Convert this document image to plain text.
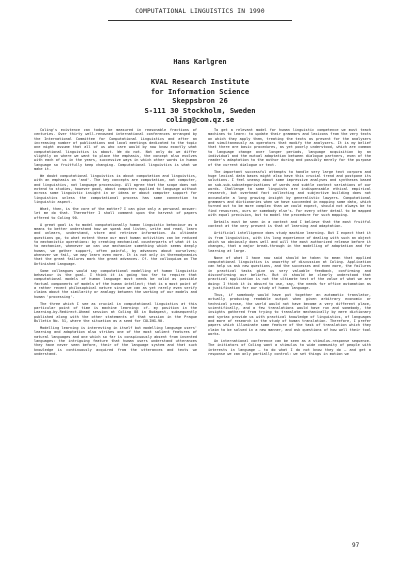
COMPUTATIONAL LINGUISTICS IN 1990
Hans Karlgren
KVAL Research Institute
for Information Science
Skeppsbron 26
S-111 30 Stockholm, Sweden
coling@com.qz.se

Coling's existence can today be measured in reasonable fractions of centuries. Over thirty well-renowned international conferences arranged by the International Committee for Computational Linguistics and after an increasing number of publications and local meetings dedicated to the topic one might assume that all of us who care would by now know exactly what computational linguistics is about. We do not. Not only do we differ slightly on where we want to place the emphasis, the concept also evolves with each of us in the years, successive ways in which other words in human language so fruitfully keep changing. Computational linguistics is what we make it.

We doubt computational linguistics is about computation and linguistics, with an emphasis on 'and'. The key concepts are computation, not computer, and linguistics, not language processing. All agree that the scope does not extend to studies, however good, about computers applied to language without across some linguistic insight in or ideas or about computer support for linguistics unless the computational process has some connection to linguistic aspect.

What, then, is the core of the matter? I can give only a personal answer: let me do that. Thereafter I shall comment upon the harvest of papers offered to Coling 90.

A great goal is to model computationally human linguistic behaviour as a means to better understand how we speak and listen, write and read, learn and unlearn, understand, store and retrieve information. As ultimate questions go, to what extent these our most human activities can be reduced to mechanistic operations: by creating mechanical counterparts of what it is to mechanize, whenever we can use mechanize something which seems deeply human, we gather support, often painful, by advances about ourselves; whenever we fail, we may learn even more. It is not only in thermodynamics that the great failures mark the great advances. Cf. the colloquium on The Unfinished Language.

Some colleagues would say computational modelling of human linguistic behaviour is the goal. I think it is going too far to require that computational models of human language must needs be valid as possible factual components of models of the human intellect; that is a most point of a rather recent philosophical nature since we can as yet rarely even verify claims about the similarity or analogy between the working of our models and human 'processing'.

The three which I see as crucial in computational linguistics at this particular point of time is machine learning: cf. my position in the Learning-by-Redirect-Ahead session at Coling 88 in Budapest, subsequently published along with the other statements of that session in the Prague Bulletin No. 51, where the situation as a seed for COLING-90.

Modelling learning is interesting in itself but modelling language users' learning and adaptation also strikes one of the most salient features of natural languages and one which so far is conspicuously absent from invented languages: the intriguing feature that human users understand utterances they have never seen before, their of the language system and that such knowledge is continuously acquired from the utterances and texts we understand.

To get a relevant model for human linguistic competence we must teach machines to learn: to update their grammars and lexicons from the very texts on which they apply them, treating the texts as present for the analysers and simultaneously as operators that modify the analysers. It is my belief that there are basic procedures, as yet poorly understood, which are common to language change over longer periods, language acquisition by an individual and the mutual adaptation between dialogue partners, even of the reader's adaptation to the author during and possibly merely for the purpose of the current dialogue or text.

The important successful attempts to handle very large text corpora and huge lexical data bases might also have this crucial trend and postpone its solutions. I feel uneasy about some impressive analyses and syntheses based on sub-sub-subcategorisations of words and subtle context variations of our words. Challenge to some linguists are indispensable ethical empirical research, but overhead fact collecting and subjective building does not accumulate a long growing insight by generalistic lawyers. Computational grammars and dictionaries when we have succeeded in mapping some data, which turned out to be more complex than we could expect, should not always be to find resources, ours or somebody else's. For every other detail to be mapped with equal precision, but to model the procedure for such mapping.

Details must be seen in a context and I believe that the most fruitful context at the very present is that of learning and adaptation.

Artificial intelligence does study machine learning. But I expect that it is from linguistics, with its long experience of dealing with such an object which so obviously does well and will the most authorized release before it changes, that a major break-through in the modelling of adaptation and for learning at large.

None of what I have now said should be taken to mean that applied computational linguistics is unworthy of discussion at Coling. Application can help us ask new questions, and the successes and even more, the failures in practical tasks give us very valuable feedback, confirming and disconfirming our beliefs. But it should be clearly understood that practical application is not the ultimate test of the value of what we are doing: I think it is absurd to use, say, the needs for office automation as a justification for our study of human language.

Thus, if somebody would have put together an automatic translator, actually producing readable output when given arbitrary economic or technical prose, the world would not have become a very different place, scientifically, and a few translations would have run and somebody, the insights gathered from trying to translate mechanically by mere dictionary and syntax provide us with practical knowledge of linguistics, of languages and more of research in the study of human translation. Therefore, I prefer papers which illuminate some feature of the task of translation which they claim to be solved in a new manner, and ask questions of how well their tool works.

An international conference can be seen as a stimulus-response sequence. The initiators of Coling want a stimulus to wide community of people with interests in language — to do what I do not know they do — and get a response we can only partially control: we set things in motion we

97
